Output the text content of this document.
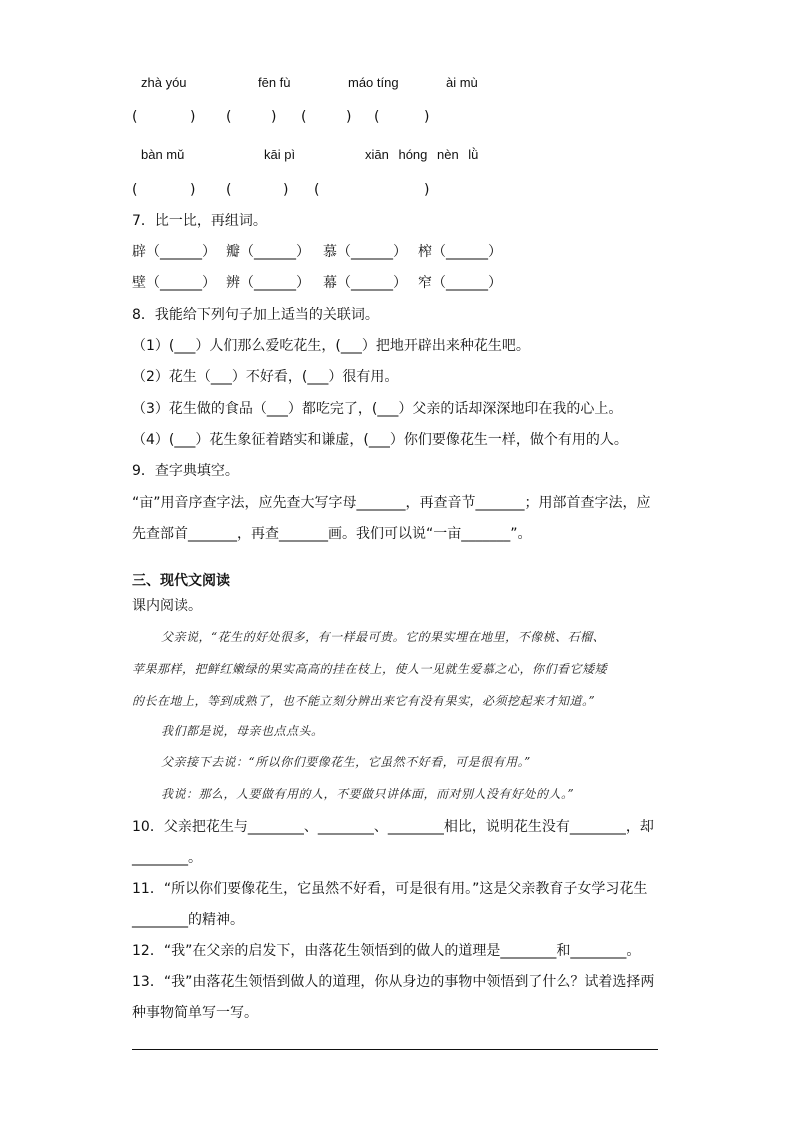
zhà yóu	fēn fù	máo tíng	ài mù
(	) (	) (	) (	)
bàn mǔ	kāi pì	xiān hóng nèn lǜ
(	) (	) (	)
7．比一比，再组词。
辟（______） 瓣（______） 慕（______） 榨（______）
壁（______） 辨（______） 幕（______） 窄（______）
8．我能给下列句子加上适当的关联词。
（1）(___）人们那么爱吃花生，(___）把地开辟出来种花生吧。
（2）花生（___）不好看，(___）很有用。
（3）花生做的食品（___）都吃完了，(___）父亲的话却深深地印在我的心上。
（4）(___）花生象征着踏实和谦虚，(___）你们要像花生一样，做个有用的人。
9．查字典填空。
“亩”用音序查字法，应先查大写字母_______，再查音节_______；用部首查字法，应
先查部首_______，再查_______画。我们可以说“一亩_______”。
三、现代文阅读
课内阅读。
父亲说，“花生的好处很多，有一样最可贵。它的果实埋在地里，不像桃、石榴、
苹果那样，把鲜红嫩绿的果实高高的挂在枝上，使人一见就生爱慕之心，你们看它矮矮
的长在地上，等到成熟了，也不能立刻分辨出来它有没有果实，必须挖起来才知道。”
我们都是说，母亲也点点头。
父亲接下去说：“所以你们要像花生，它虽然不好看，可是很有用。”
我说：那么，人要做有用的人，不要做只讲体面，而对别人没有好处的人。”
10．父亲把花生与________、________、________相比，说明花生没有________，却
________。
11．“所以你们要像花生，它虽然不好看，可是很有用。”这是父亲教育子女学习花生
________的精神。
12．“我”在父亲的启发下，由落花生领悟到的做人的道理是________和________。
13．“我”由落花生领悟到做人的道理，你从身边的事物中领悟到了什么？试着选择两
种事物简单写一写。
